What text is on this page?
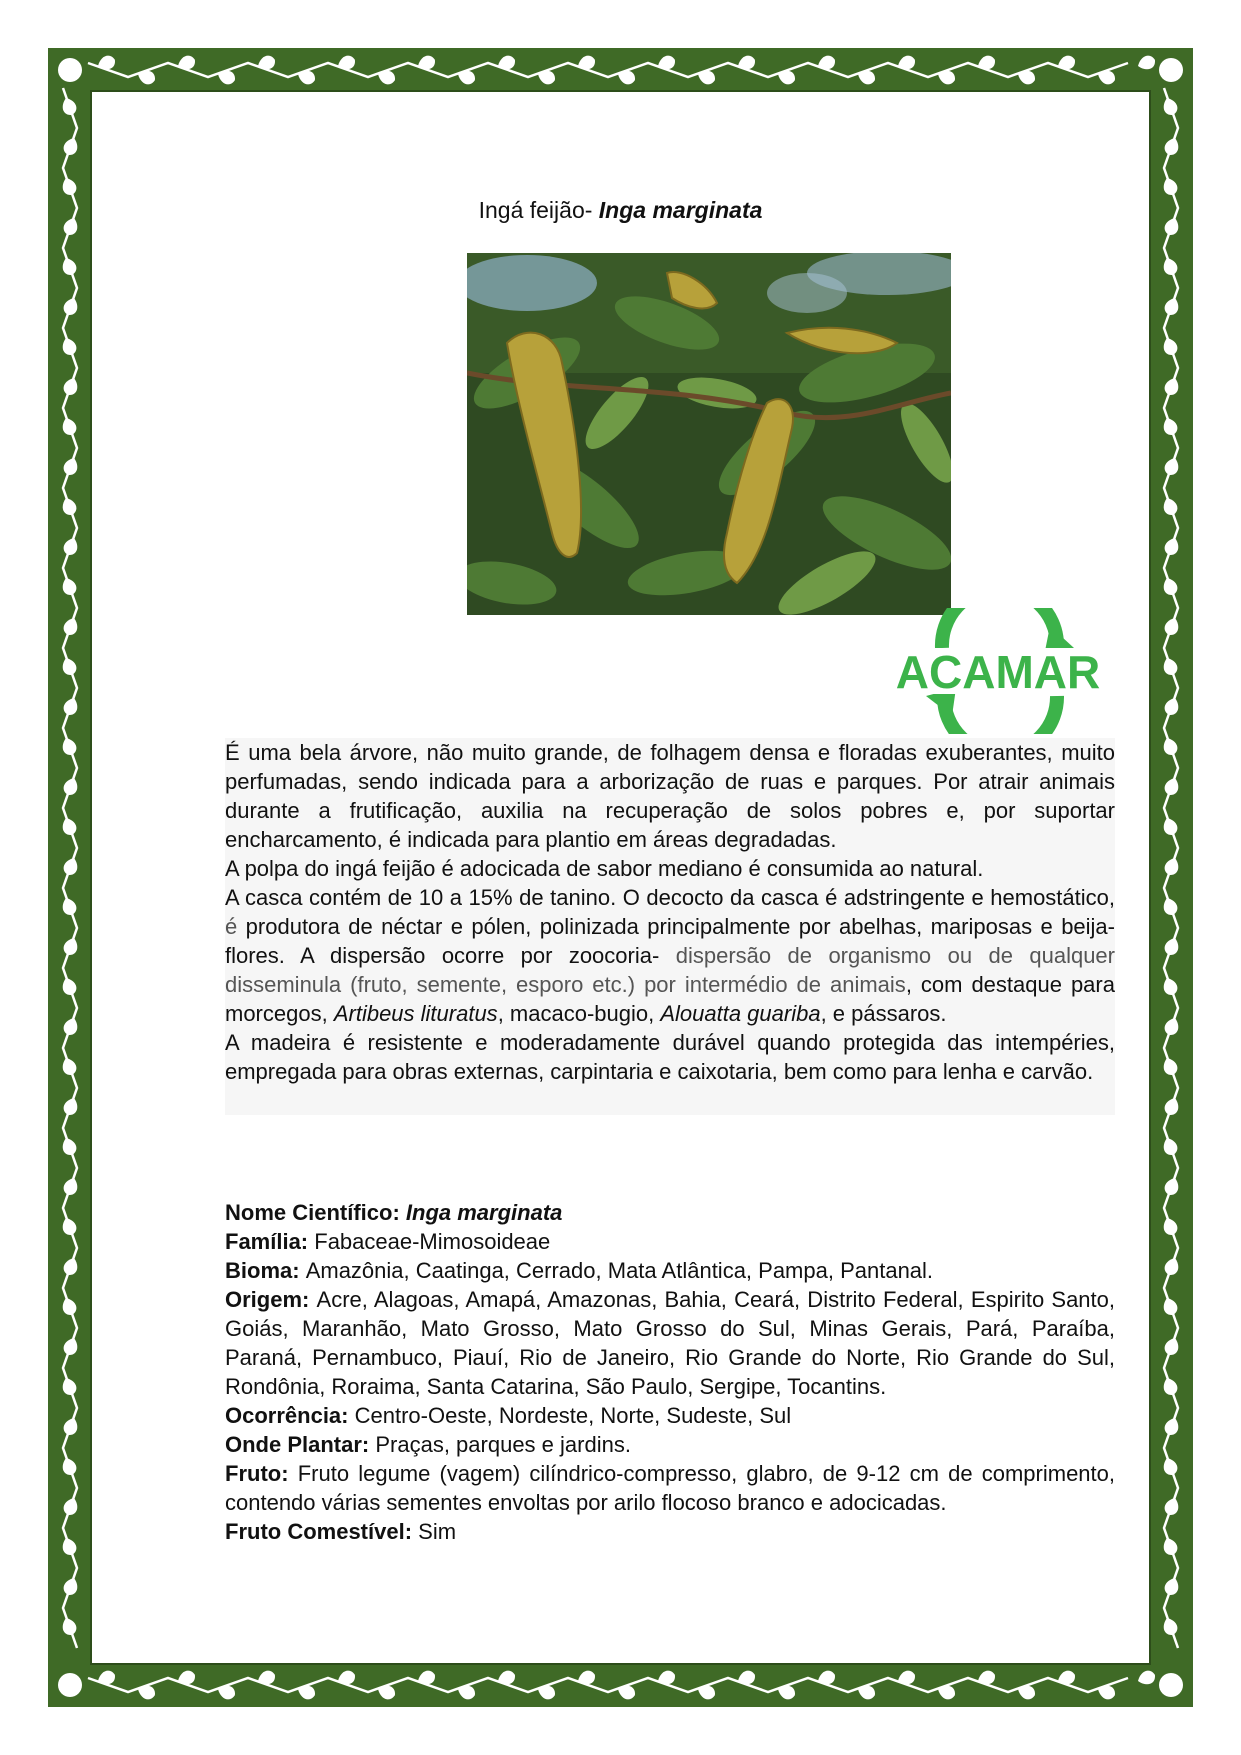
Ingá feijão- Inga marginata
ACAMAR

É uma bela árvore, não muito grande, de folhagem densa e floradas exuberantes, muito perfumadas, sendo indicada para a arborização de ruas e parques. Por atrair animais durante a frutificação, auxilia na recuperação de solos pobres e, por suportar encharcamento, é indicada para plantio em áreas degradadas.

A polpa do ingá feijão é adocicada de sabor mediano é consumida ao natural.

A casca contém de 10 a 15% de tanino. O decocto da casca é adstringente e hemostático, é produtora de néctar e pólen, polinizada principalmente por abelhas, mariposas e beija-flores. A dispersão ocorre por zoocoria- dispersão de organismo ou de qualquer disseminula (fruto, semente, esporo etc.) por intermédio de animais, com destaque para morcegos, Artibeus lituratus, macaco-bugio, Alouatta guariba, e pássaros.

A madeira é resistente e moderadamente durável quando protegida das intempéries, empregada para obras externas, carpintaria e caixotaria, bem como para lenha e carvão.

Nome Científico: Inga marginata

Família: Fabaceae-Mimosoideae

Bioma: Amazônia, Caatinga, Cerrado, Mata Atlântica, Pampa, Pantanal.

Origem: Acre, Alagoas, Amapá, Amazonas, Bahia, Ceará, Distrito Federal, Espirito Santo, Goiás, Maranhão, Mato Grosso, Mato Grosso do Sul, Minas Gerais, Pará, Paraíba, Paraná, Pernambuco, Piauí, Rio de Janeiro, Rio Grande do Norte, Rio Grande do Sul, Rondônia, Roraima, Santa Catarina, São Paulo, Sergipe, Tocantins.

Ocorrência: Centro-Oeste, Nordeste, Norte, Sudeste, Sul

Onde Plantar: Praças, parques e jardins.

Fruto: Fruto legume (vagem) cilíndrico-compresso, glabro, de 9-12 cm de comprimento, contendo várias sementes envoltas por arilo flocoso branco e adocicadas.

Fruto Comestível: Sim
